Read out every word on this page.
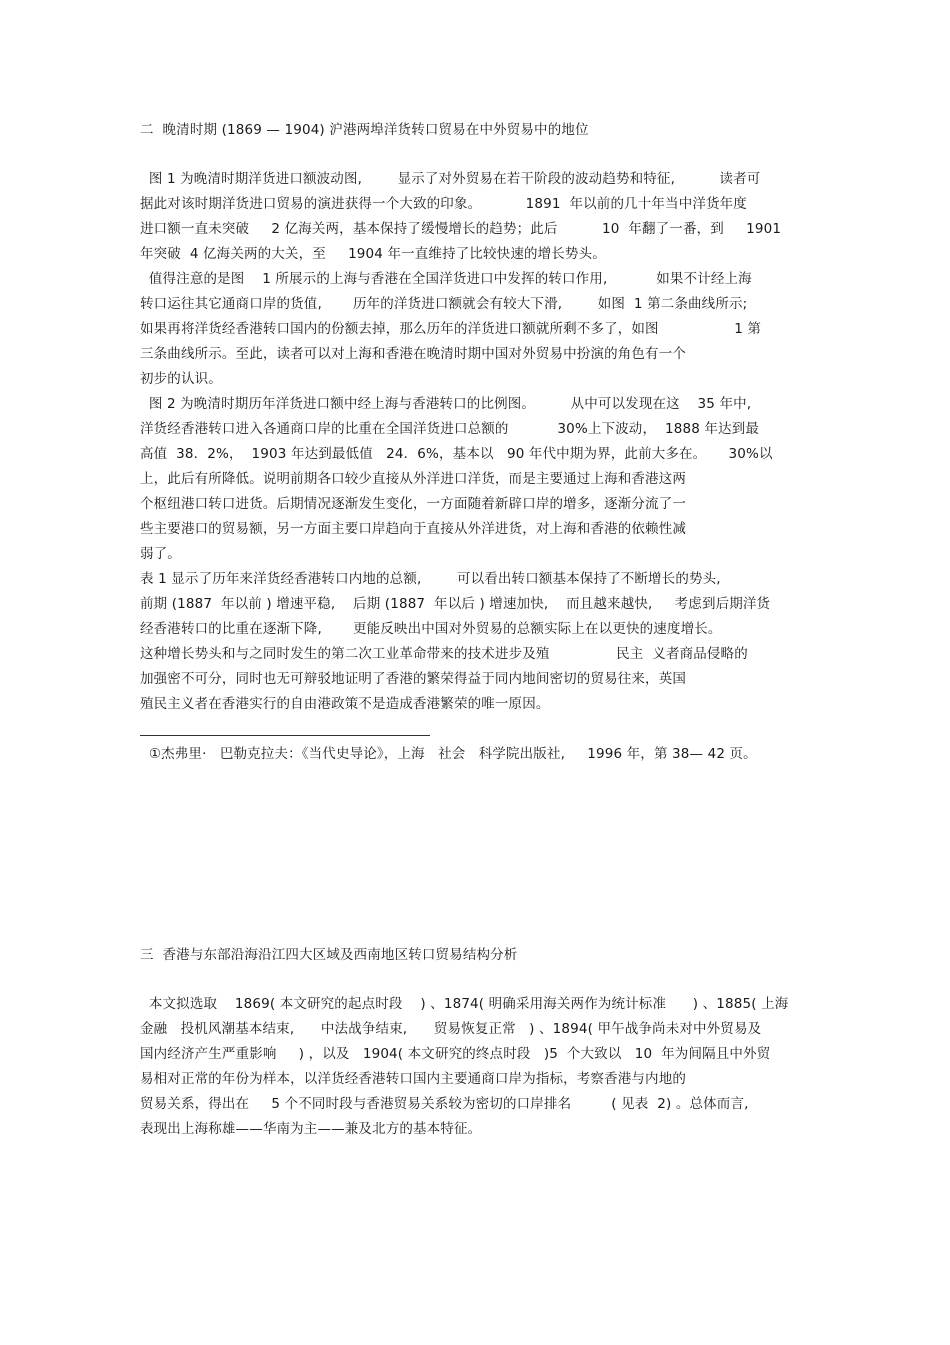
二  晚清时期 (1869 — 1904) 沪港两埠洋货转口贸易在中外贸易中的地位
图 1 为晚清时期洋货进口额波动图,        显示了对外贸易在若干阶段的波动趋势和特征,          读者可
据此对该时期洋货进口贸易的演进获得一个大致的印象。          1891  年以前的几十年当中洋货年度
进口额一直未突破     2 亿海关两，基本保持了缓慢增长的趋势；此后          10  年翻了一番，到     1901
年突破  4 亿海关两的大关，至     1904 年一直维持了比较快速的增长势头。
值得注意的是图    1 所展示的上海与香港在全国洋货进口中发挥的转口作用,           如果不计经上海
转口运往其它通商口岸的货值,       历年的洋货进口额就会有较大下滑,        如图  1 第二条曲线所示;
如果再将洋货经香港转口国内的份额去掉，那么历年的洋货进口额就所剩不多了，如图                 1 第
三条曲线所示。至此，读者可以对上海和香港在晚清时期中国对外贸易中扮演的角色有一个
初步的认识。
图 2 为晚清时期历年洋货进口额中经上海与香港转口的比例图。        从中可以发现在这    35 年中,
洋货经香港转口进入各通商口岸的比重在全国洋货进口总额的           30%上下波动，  1888 年达到最
高值  38．2%，  1903 年达到最低值   24．6%，基本以   90 年代中期为界，此前大多在。     30%以
上，此后有所降低。说明前期各口较少直接从外洋进口洋货，而是主要通过上海和香港这两
个枢纽港口转口进货。后期情况逐渐发生变化，一方面随着新辟口岸的增多，逐渐分流了一
些主要港口的贸易额，另一方面主要口岸趋向于直接从外洋进货，对上海和香港的依赖性减
弱了。
表 1 显示了历年来洋货经香港转口内地的总额,        可以看出转口额基本保持了不断增长的势头,
前期 (1887  年以前 ) 增速平稳,    后期 (1887  年以后 ) 增速加快,    而且越来越快,     考虑到后期洋货
经香港转口的比重在逐渐下降,       更能反映出中国对外贸易的总额实际上在以更快的速度增长。
这种增长势头和与之同时发生的第二次工业革命带来的技术进步及殖               民主  义者商品侵略的
加强密不可分，同时也无可辩驳地证明了香港的繁荣得益于同内地间密切的贸易往来，英国
殖民主义者在香港实行的自由港政策不是造成香港繁荣的唯一原因。
①杰弗里·   巴勒克拉夫：《当代史导论》，上海   社会   科学院出版社,     1996 年，第 38— 42 页。
三  香港与东部沿海沿江四大区域及西南地区转口贸易结构分析
本文拟选取    1869( 本文研究的起点时段    ) 、1874( 明确采用海关两作为统计标准      ) 、1885( 上海
金融   投机风潮基本结束,      中法战争结束,      贸易恢复正常   ) 、1894( 甲午战争尚未对中外贸易及
国内经济产生严重影响     ) ，以及   1904( 本文研究的终点时段   )5  个大致以   10  年为间隔且中外贸
易相对正常的年份为样本，以洋货经香港转口国内主要通商口岸为指标，考察香港与内地的
贸易关系，得出在     5 个不同时段与香港贸易关系较为密切的口岸排名         ( 见表  2) 。总体而言,
表现出上海称雄——华南为主——兼及北方的基本特征。
